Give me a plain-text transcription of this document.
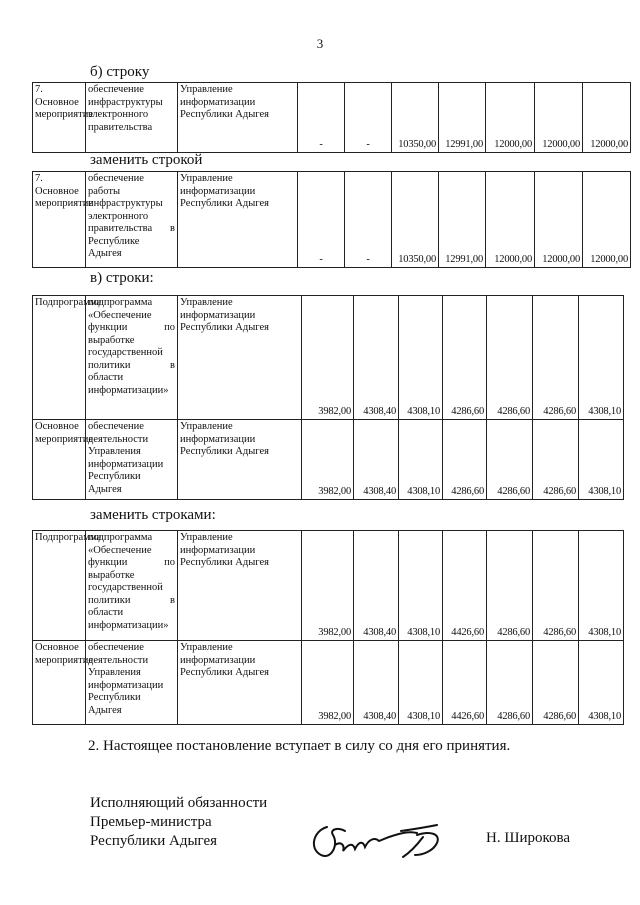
3
б) строку
7. Основное мероприятие	обеспечение инфраструктуры электронного правительства	Управление информатизации Республики Адыгея	-	-	10350,00	12991,00	12000,00	12000,00	12000,00
заменить строкой
7. Основное мероприятие	обеспечение работы инфраструктуры электронного правительства в Республике Адыгея	Управление информатизации Республики Адыгея	-	-	10350,00	12991,00	12000,00	12000,00	12000,00
в) строки:
Подпрограмма	подпрограмма «Обеспечение функции по выработке государственной политики в области информатизации»	Управление информатизации Республики Адыгея	3982,00	4308,40	4308,10	4286,60	4286,60	4286,60	4308,10
Основное мероприятие	обеспечение деятельности Управления информатизации Республики Адыгея	Управление информатизации Республики Адыгея	3982,00	4308,40	4308,10	4286,60	4286,60	4286,60	4308,10
заменить строками:
Подпрограмма	подпрограмма «Обеспечение функции по выработке государственной политики в области информатизации»	Управление информатизации Республики Адыгея	3982,00	4308,40	4308,10	4426,60	4286,60	4286,60	4308,10
Основное мероприятие	обеспечение деятельности Управления информатизации Республики Адыгея	Управление информатизации Республики Адыгея	3982,00	4308,40	4308,10	4426,60	4286,60	4286,60	4308,10
2. Настоящее постановление вступает в силу со дня его принятия.
Исполняющий обязанности
Премьер-министра
Республики Адыгея	Н. Широкова
